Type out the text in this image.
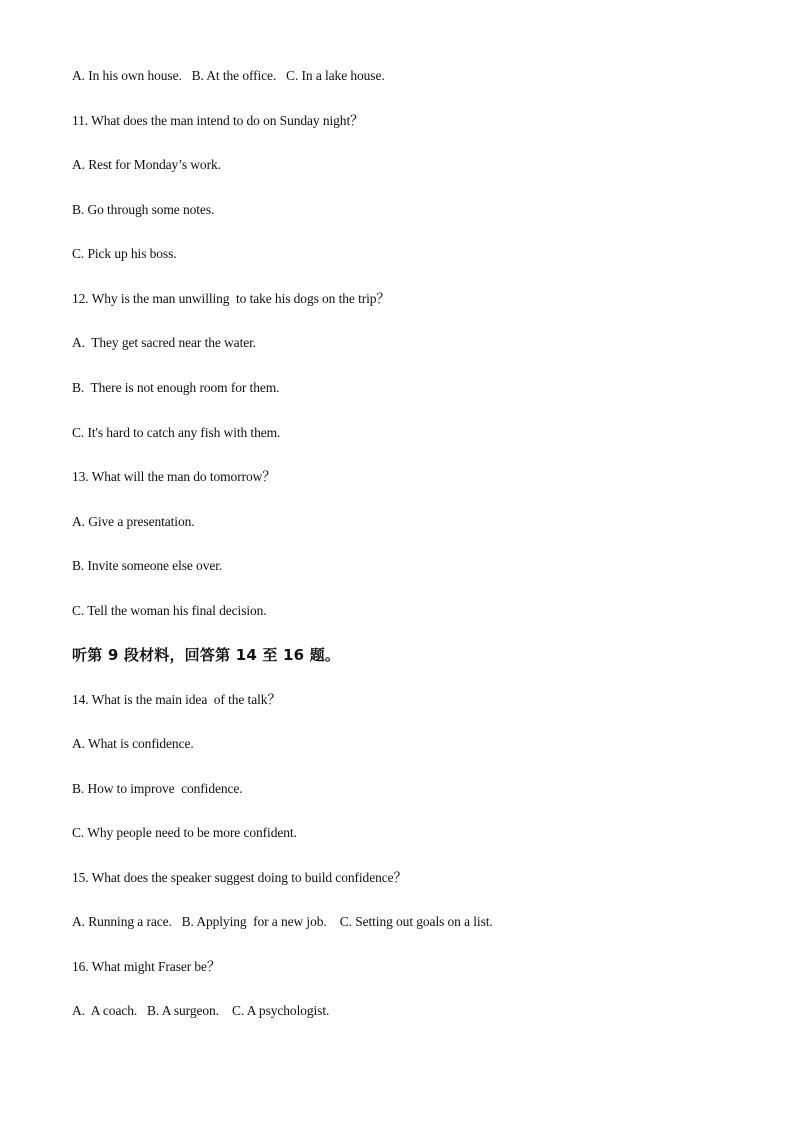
A. In his own house.   B. At the office.   C. In a lake house.
11. What does the man intend to do on Sunday night？
A. Rest for Monday’s work.
B. Go through some notes.
C. Pick up his boss.
12. Why is the man unwilling  to take his dogs on the trip？
A.  They get sacred near the water.
B.  There is not enough room for them.
C. It's hard to catch any fish with them.
13. What will the man do tomorrow？
A. Give a presentation.
B. Invite someone else over.
C. Tell the woman his final decision.
听第 9 段材料，回答第 14 至 16 题。
14. What is the main idea  of the talk？
A. What is confidence.
B. How to improve  confidence.
C. Why people need to be more confident.
15. What does the speaker suggest doing to build confidence？
A. Running a race.   B. Applying  for a new job.    C. Setting out goals on a list.
16. What might Fraser be？
A.  A coach.   B. A surgeon.    C. A psychologist.
